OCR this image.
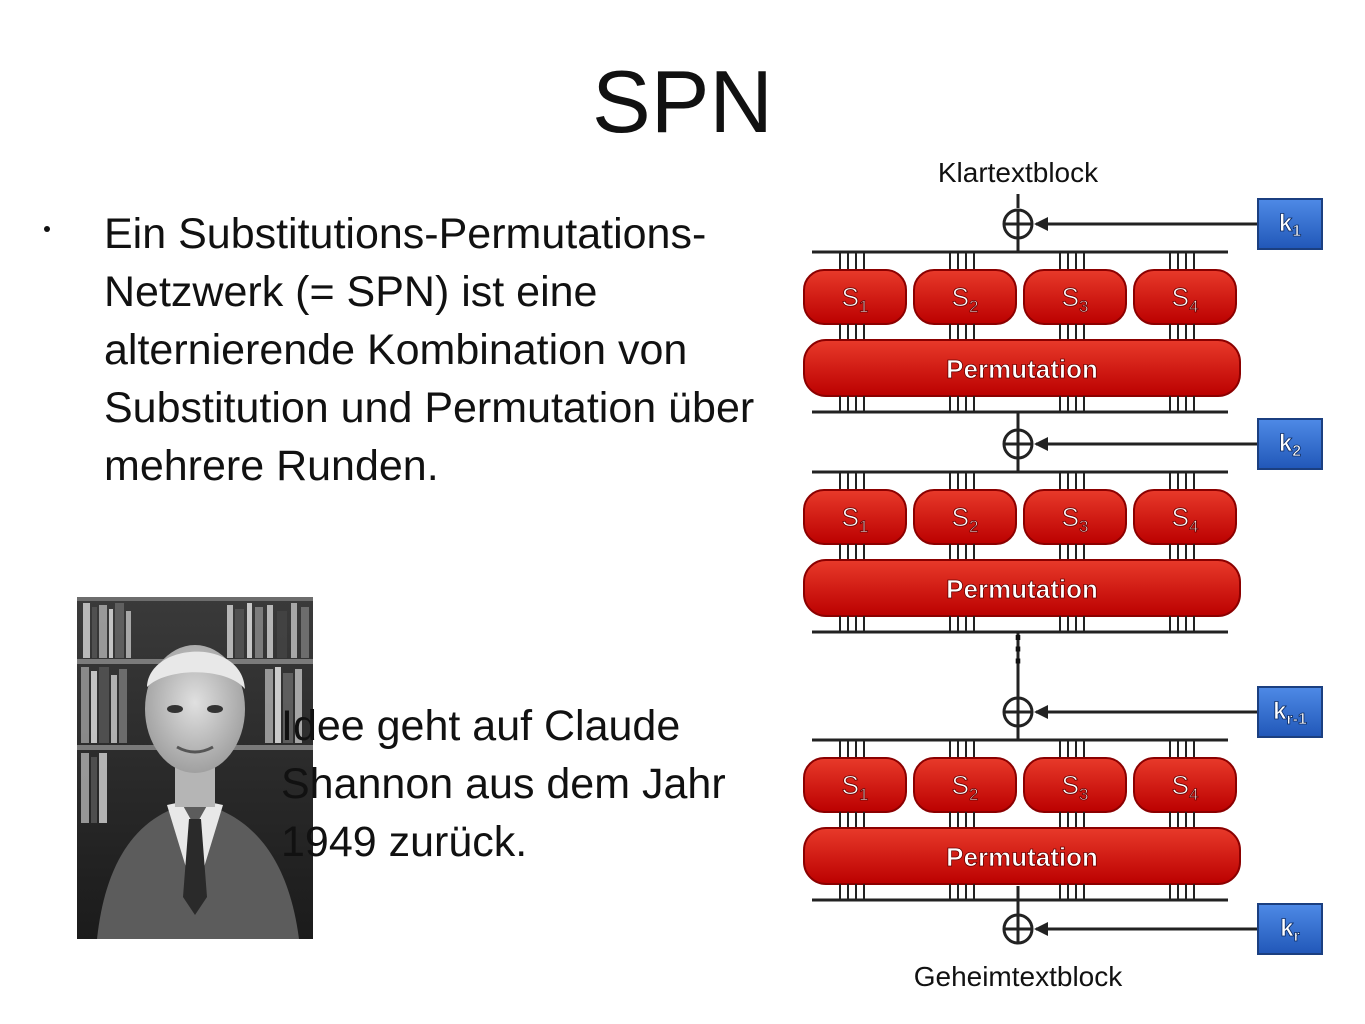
SPN
Ein Substitutions-Permutations-Netzwerk (= SPN) ist eine alternierende Kombination von Substitution und Permutation über mehrere Runden.
Idee geht auf Claude Shannon aus dem Jahr 1949 zurück.
Klartextblock
$k_1$
$S_1$	$S_2$	$S_3$	$S_4$
Permutation
$k_2$
$S_1$	$S_2$	$S_3$	$S_4$
Permutation
$k_{r-1}$
$S_1$	$S_2$	$S_3$	$S_4$
Permutation
⋮
$k_r$
Geheimtextblock
